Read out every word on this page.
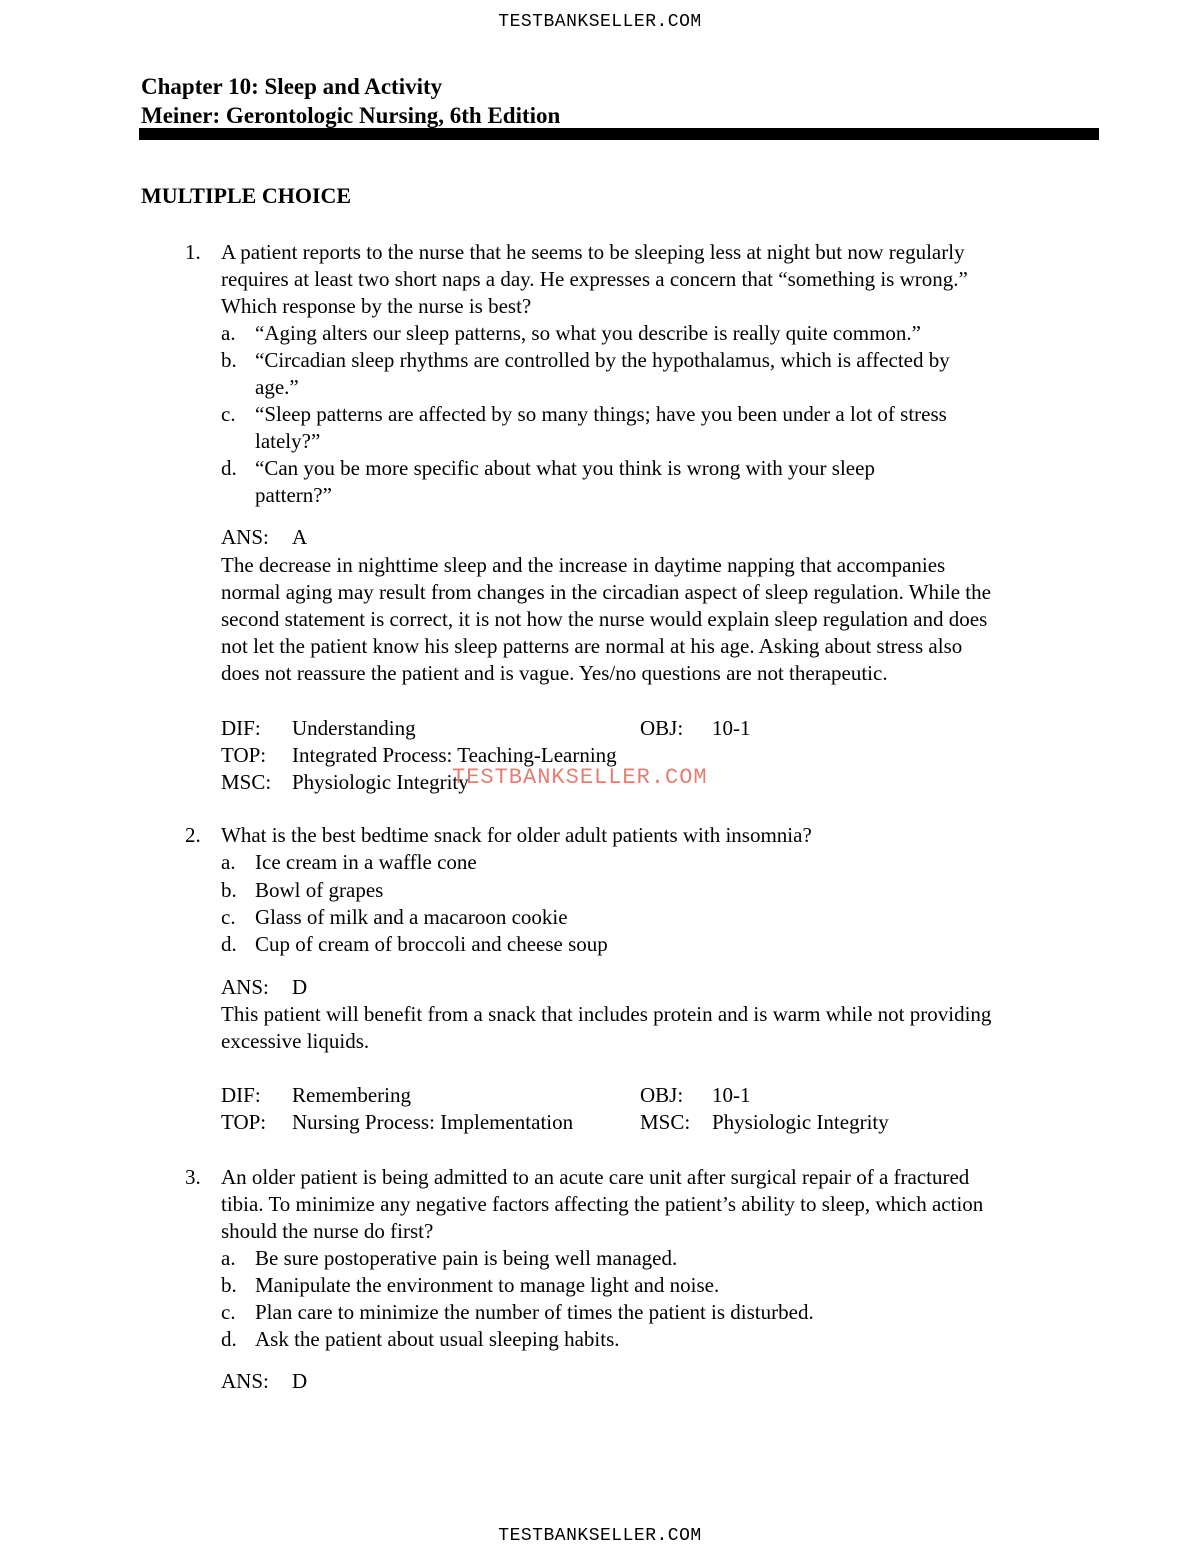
TESTBANKSELLER.COM
TESTBANKSELLER.COM
Chapter 10: Sleep and Activity
Meiner: Gerontologic Nursing, 6th Edition
MULTIPLE CHOICE
1. A patient reports to the nurse that he seems to be sleeping less at night but now regularly
requires at least two short naps a day. He expresses a concern that “something is wrong.”
Which response by the nurse is best?
a. “Aging alters our sleep patterns, so what you describe is really quite common.”
b. “Circadian sleep rhythms are controlled by the hypothalamus, which is affected by
age.”
c. “Sleep patterns are affected by so many things; have you been under a lot of stress
lately?”
d. “Can you be more specific about what you think is wrong with your sleep
pattern?”
ANS: A
The decrease in nighttime sleep and the increase in daytime napping that accompanies
normal aging may result from changes in the circadian aspect of sleep regulation. While the
second statement is correct, it is not how the nurse would explain sleep regulation and does
not let the patient know his sleep patterns are normal at his age. Asking about stress also
does not reassure the patient and is vague. Yes/no questions are not therapeutic.
DIF: Understanding	OBJ: 10-1
TOP: Integrated Process: Teaching-Learning
MSC: Physiologic Integrity
TESTBANKSELLER.COM
2. What is the best bedtime snack for older adult patients with insomnia?
a. Ice cream in a waffle cone
b. Bowl of grapes
c. Glass of milk and a macaroon cookie
d. Cup of cream of broccoli and cheese soup
ANS: D
This patient will benefit from a snack that includes protein and is warm while not providing
excessive liquids.
DIF: Remembering	OBJ: 10-1
TOP: Nursing Process: Implementation	MSC: Physiologic Integrity
3. An older patient is being admitted to an acute care unit after surgical repair of a fractured
tibia. To minimize any negative factors affecting the patient’s ability to sleep, which action
should the nurse do first?
a. Be sure postoperative pain is being well managed.
b. Manipulate the environment to manage light and noise.
c. Plan care to minimize the number of times the patient is disturbed.
d. Ask the patient about usual sleeping habits.
ANS: D
